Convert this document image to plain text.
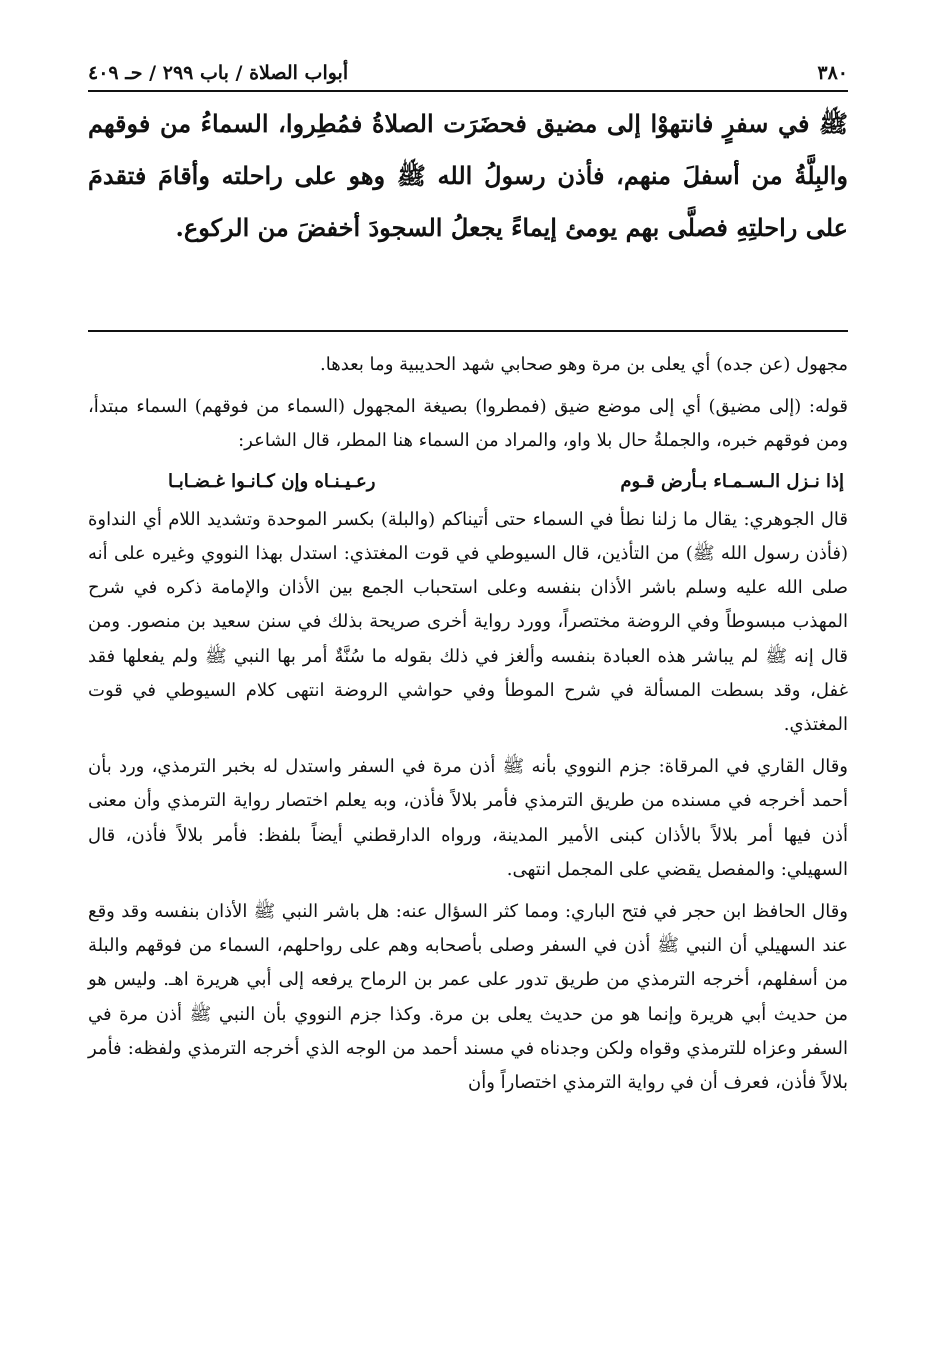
٣٨٠
أبواب الصلاة / باب ٢٩٩ / حـ ٤٠٩

ﷺ في سفرٍ فانتهوْا إلى مضيق فحضَرَت الصلاةُ فمُطِروا، السماءُ من فوقهم والبِلَّةُ من أسفلَ منهم، فأذن رسولُ الله ﷺ وهو على راحلته وأقامَ فتقدمَ على راحلتِهِ فصلَّى بهم يومئ إيماءً يجعلُ السجودَ أخفضَ من الركوع.

مجهول (عن جده) أي يعلى بن مرة وهو صحابي شهد الحديبية وما بعدها.

قوله: (إلى مضيق) أي إلى موضع ضيق (فمطروا) بصيغة المجهول (السماء من فوقهم) السماء مبتدأ، ومن فوقهم خبره، والجملةُ حال بلا واو، والمراد من السماء هنا المطر، قال الشاعر:

إذا نـزل الـسـمـاء بـأرض قـوم
رعـيـنـاه وإن كـانـوا غـضـابـا

قال الجوهري: يقال ما زلنا نطأ في السماء حتى أتيناكم (والبلة) بكسر الموحدة وتشديد اللام أي النداوة (فأذن رسول الله ﷺ) من التأذين، قال السيوطي في قوت المغتذي: استدل بهذا النووي وغيره على أنه صلى الله عليه وسلم باشر الأذان بنفسه وعلى استحباب الجمع بين الأذان والإمامة ذكره في شرح المهذب مبسوطاً وفي الروضة مختصراً، وورد رواية أخرى صريحة بذلك في سنن سعيد بن منصور. ومن قال إنه ﷺ لم يباشر هذه العبادة بنفسه وألغز في ذلك بقوله ما سُنَّةٌ أمر بها النبي ﷺ ولم يفعلها فقد غفل، وقد بسطت المسألة في شرح الموطأ وفي حواشي الروضة انتهى كلام السيوطي في قوت المغتذي.

وقال القاري في المرقاة: جزم النووي بأنه ﷺ أذن مرة في السفر واستدل له بخبر الترمذي، ورد بأن أحمد أخرجه في مسنده من طريق الترمذي فأمر بلالاً فأذن، وبه يعلم اختصار رواية الترمذي وأن معنى أذن فيها أمر بلالاً بالأذان كبنى الأمير المدينة، ورواه الدارقطني أيضاً بلفظ: فأمر بلالاً فأذن، قال السهيلي: والمفصل يقضي على المجمل انتهى.

وقال الحافظ ابن حجر في فتح الباري: ومما كثر السؤال عنه: هل باشر النبي ﷺ الأذان بنفسه وقد وقع عند السهيلي أن النبي ﷺ أذن في السفر وصلى بأصحابه وهم على رواحلهم، السماء من فوقهم والبلة من أسفلهم، أخرجه الترمذي من طريق تدور على عمر بن الرماح يرفعه إلى أبي هريرة اهـ. وليس هو من حديث أبي هريرة وإنما هو من حديث يعلى بن مرة. وكذا جزم النووي بأن النبي ﷺ أذن مرة في السفر وعزاه للترمذي وقواه ولكن وجدناه في مسند أحمد من الوجه الذي أخرجه الترمذي ولفظه: فأمر بلالاً فأذن، فعرف أن في رواية الترمذي اختصاراً وأن
